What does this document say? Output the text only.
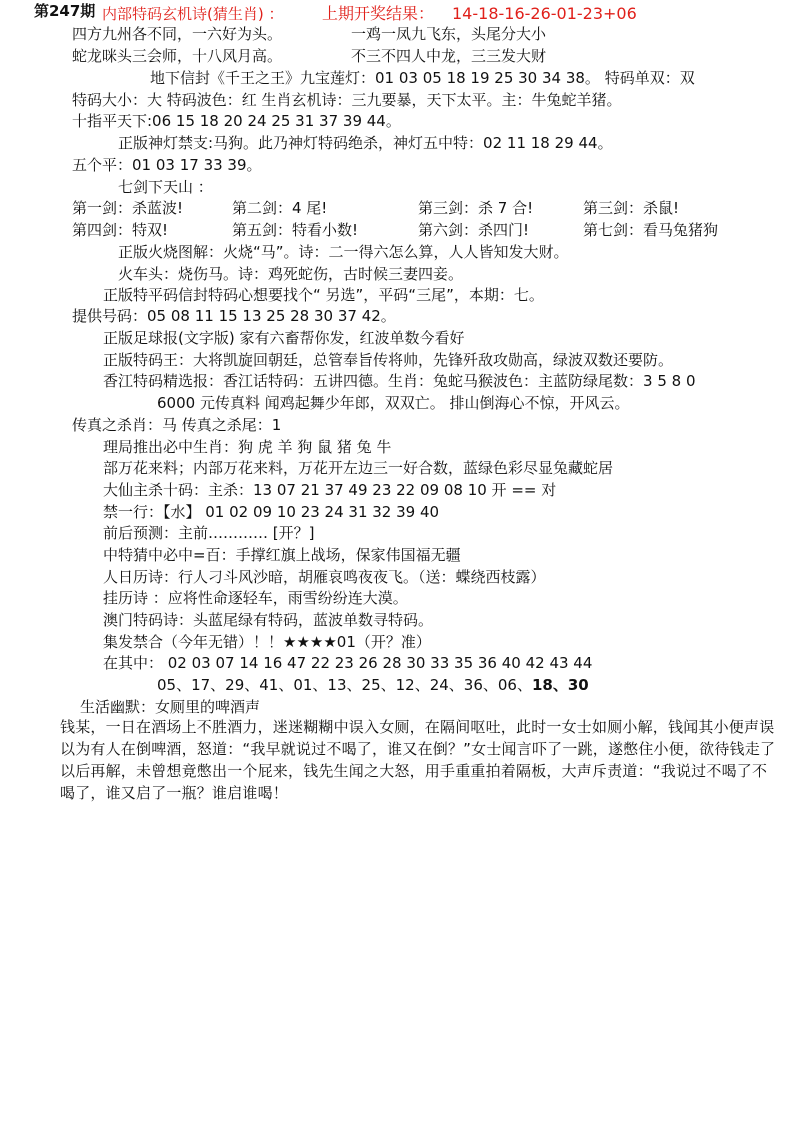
第247期 内部特码玄机诗(猜生肖) ： 上期开奖结果： 14-18-16-26-01-23+06
四方九州各不同，一六好为头。	一鸡一凤九飞东，头尾分大小
蛇龙咪头三会师，十八风月高。	不三不四人中龙，三三发大财
地下信封《千王之王》九宝莲灯：01 03 05 18 19 25 30 34 38。 特码单双：双
特码大小：大 特码波色：红 生肖玄机诗：三九要暴，天下太平。主：牛兔蛇羊猪。
十指平天下:06 15 18 20 24 25 31 37 39 44。
正版神灯禁支:马狗。此乃神灯特码绝杀，神灯五中特：02 11 18 29 44。
五个平：01 03 17 33 39。
七剑下天山 ：
第一剑：杀蓝波!	第二剑：4 尾!	第三剑：杀 7 合!	第三剑：杀鼠!
第四剑：特双!	第五剑：特看小数!	第六剑：杀四门!	第七剑：看马兔猪狗
正版火烧图解：火烧“马”。诗：二一得六怎么算，人人皆知发大财。
火车头：烧伤马。诗：鸡死蛇伤，古时候三妻四妾。
正版特平码信封特码心想要找个“ 另选”，平码“三尾”，本期：七。
提供号码：05 08 11 15 13 25 28 30 37 42。
正版足球报(文字版) 家有六畜帮你发，红波单数今看好
正版特码王：大将凯旋回朝廷，总管奉旨传将帅，先锋歼敌攻勋高，绿波双数还要防。
香江特码精选报：香江话特码：五讲四德。生肖：兔蛇马猴波色：主蓝防绿尾数：3 5 8 0
6000 元传真料 闻鸡起舞少年郎，双双亡。 排山倒海心不惊，开风云。
传真之杀肖：马 传真之杀尾：1
理局推出必中生肖：狗 虎 羊 狗 鼠 猪 兔 牛
部万花来料；内部万花来料，万花开左边三一好合数，蓝绿色彩尽显兔藏蛇居
大仙主杀十码：主杀：13 07 21 37 49 23 22 09 08 10 开 == 对
禁一行：【水】 01 02 09 10 23 24 31 32 39 40
前后预测：主前………… [开？]
中特猜中必中=百：手撑红旗上战场，保家伟国福无疆
人日历诗：行人刁斗风沙暗，胡雁哀鸣夜夜飞。（送：蝶绕西枝露）
挂历诗 ：应将性命逐轻车，雨雪纷纷连大漠。
澳门特码诗：头蓝尾绿有特码，蓝波单数寻特码。
集发禁合（今年无错）！！★★★★01（开？准）
在其中： 02 03 07 14 16 47 22 23 26 28 30 33 35 36 40 42 43 44
05、17、29、41、01、13、25、12、24、36、06、18、30
生活幽默：女厕里的啤酒声
钱某，一日在酒场上不胜酒力，迷迷糊糊中误入女厕，在隔间呕吐，此时一女士如厕小解，钱闻其小便声误以为有人在倒啤酒，怒道：“我早就说过不喝了，谁又在倒？”女士闻言吓了一跳，遂憋住小便，欲待钱走了以后再解，未曾想竟憋出一个屁来，钱先生闻之大怒，用手重重拍着隔板，大声斥责道：“我说过不喝了不喝了，谁又启了一瓶？谁启谁喝！
